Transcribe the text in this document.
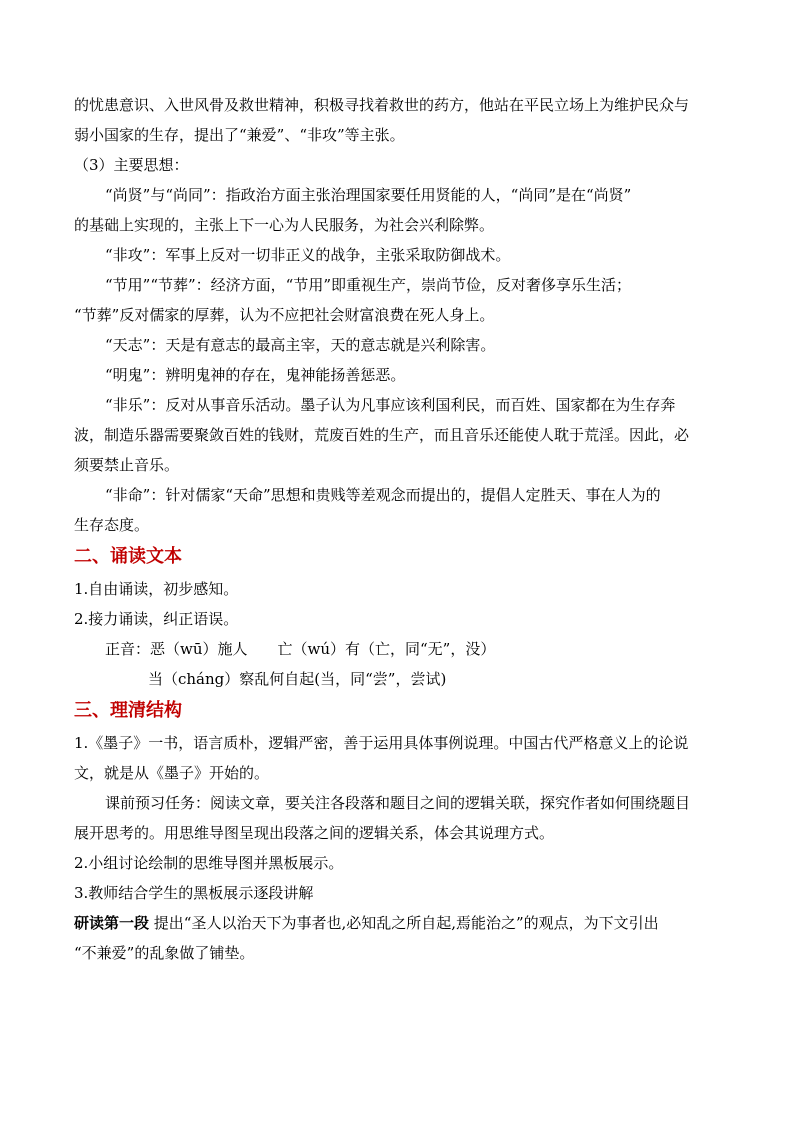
的忧患意识、入世风骨及救世精神，积极寻找着救世的药方，他站在平民立场上为维护民众与
弱小国家的生存，提出了“兼爱”、“非攻”等主张。
（3）主要思想：
“尚贤”与“尚同”：指政治方面主张治理国家要任用贤能的人，“尚同”是在“尚贤”
的基础上实现的，主张上下一心为人民服务，为社会兴利除弊。
“非攻”：军事上反对一切非正义的战争，主张采取防御战术。
“节用”“节葬”：经济方面，“节用”即重视生产，崇尚节俭，反对奢侈享乐生活；
“节葬”反对儒家的厚葬，认为不应把社会财富浪费在死人身上。
“天志”：天是有意志的最高主宰，天的意志就是兴利除害。
“明鬼”：辨明鬼神的存在，鬼神能扬善惩恶。
“非乐”：反对从事音乐活动。墨子认为凡事应该利国利民，而百姓、国家都在为生存奔
波，制造乐器需要聚敛百姓的钱财，荒废百姓的生产，而且音乐还能使人耽于荒淫。因此，必
须要禁止音乐。
“非命”：针对儒家“天命”思想和贵贱等差观念而提出的，提倡人定胜天、事在人为的
生存态度。
二、诵读文本
1.自由诵读，初步感知。
2.接力诵读，纠正语误。
正音：恶（wū）施人 亡（wú）有（亡，同“无”，没）
当（cháng）察乱何自起(当，同“尝”，尝试)
三、理清结构
1.《墨子》一书，语言质朴，逻辑严密，善于运用具体事例说理。中国古代严格意义上的论说
文，就是从《墨子》开始的。
课前预习任务：阅读文章，要关注各段落和题目之间的逻辑关联，探究作者如何围绕题目
展开思考的。用思维导图呈现出段落之间的逻辑关系，体会其说理方式。
2.小组讨论绘制的思维导图并黑板展示。
3.教师结合学生的黑板展示逐段讲解
研读第一段 提出“圣人以治天下为事者也,必知乱之所自起,焉能治之”的观点，为下文引出
“不兼爱”的乱象做了铺垫。
